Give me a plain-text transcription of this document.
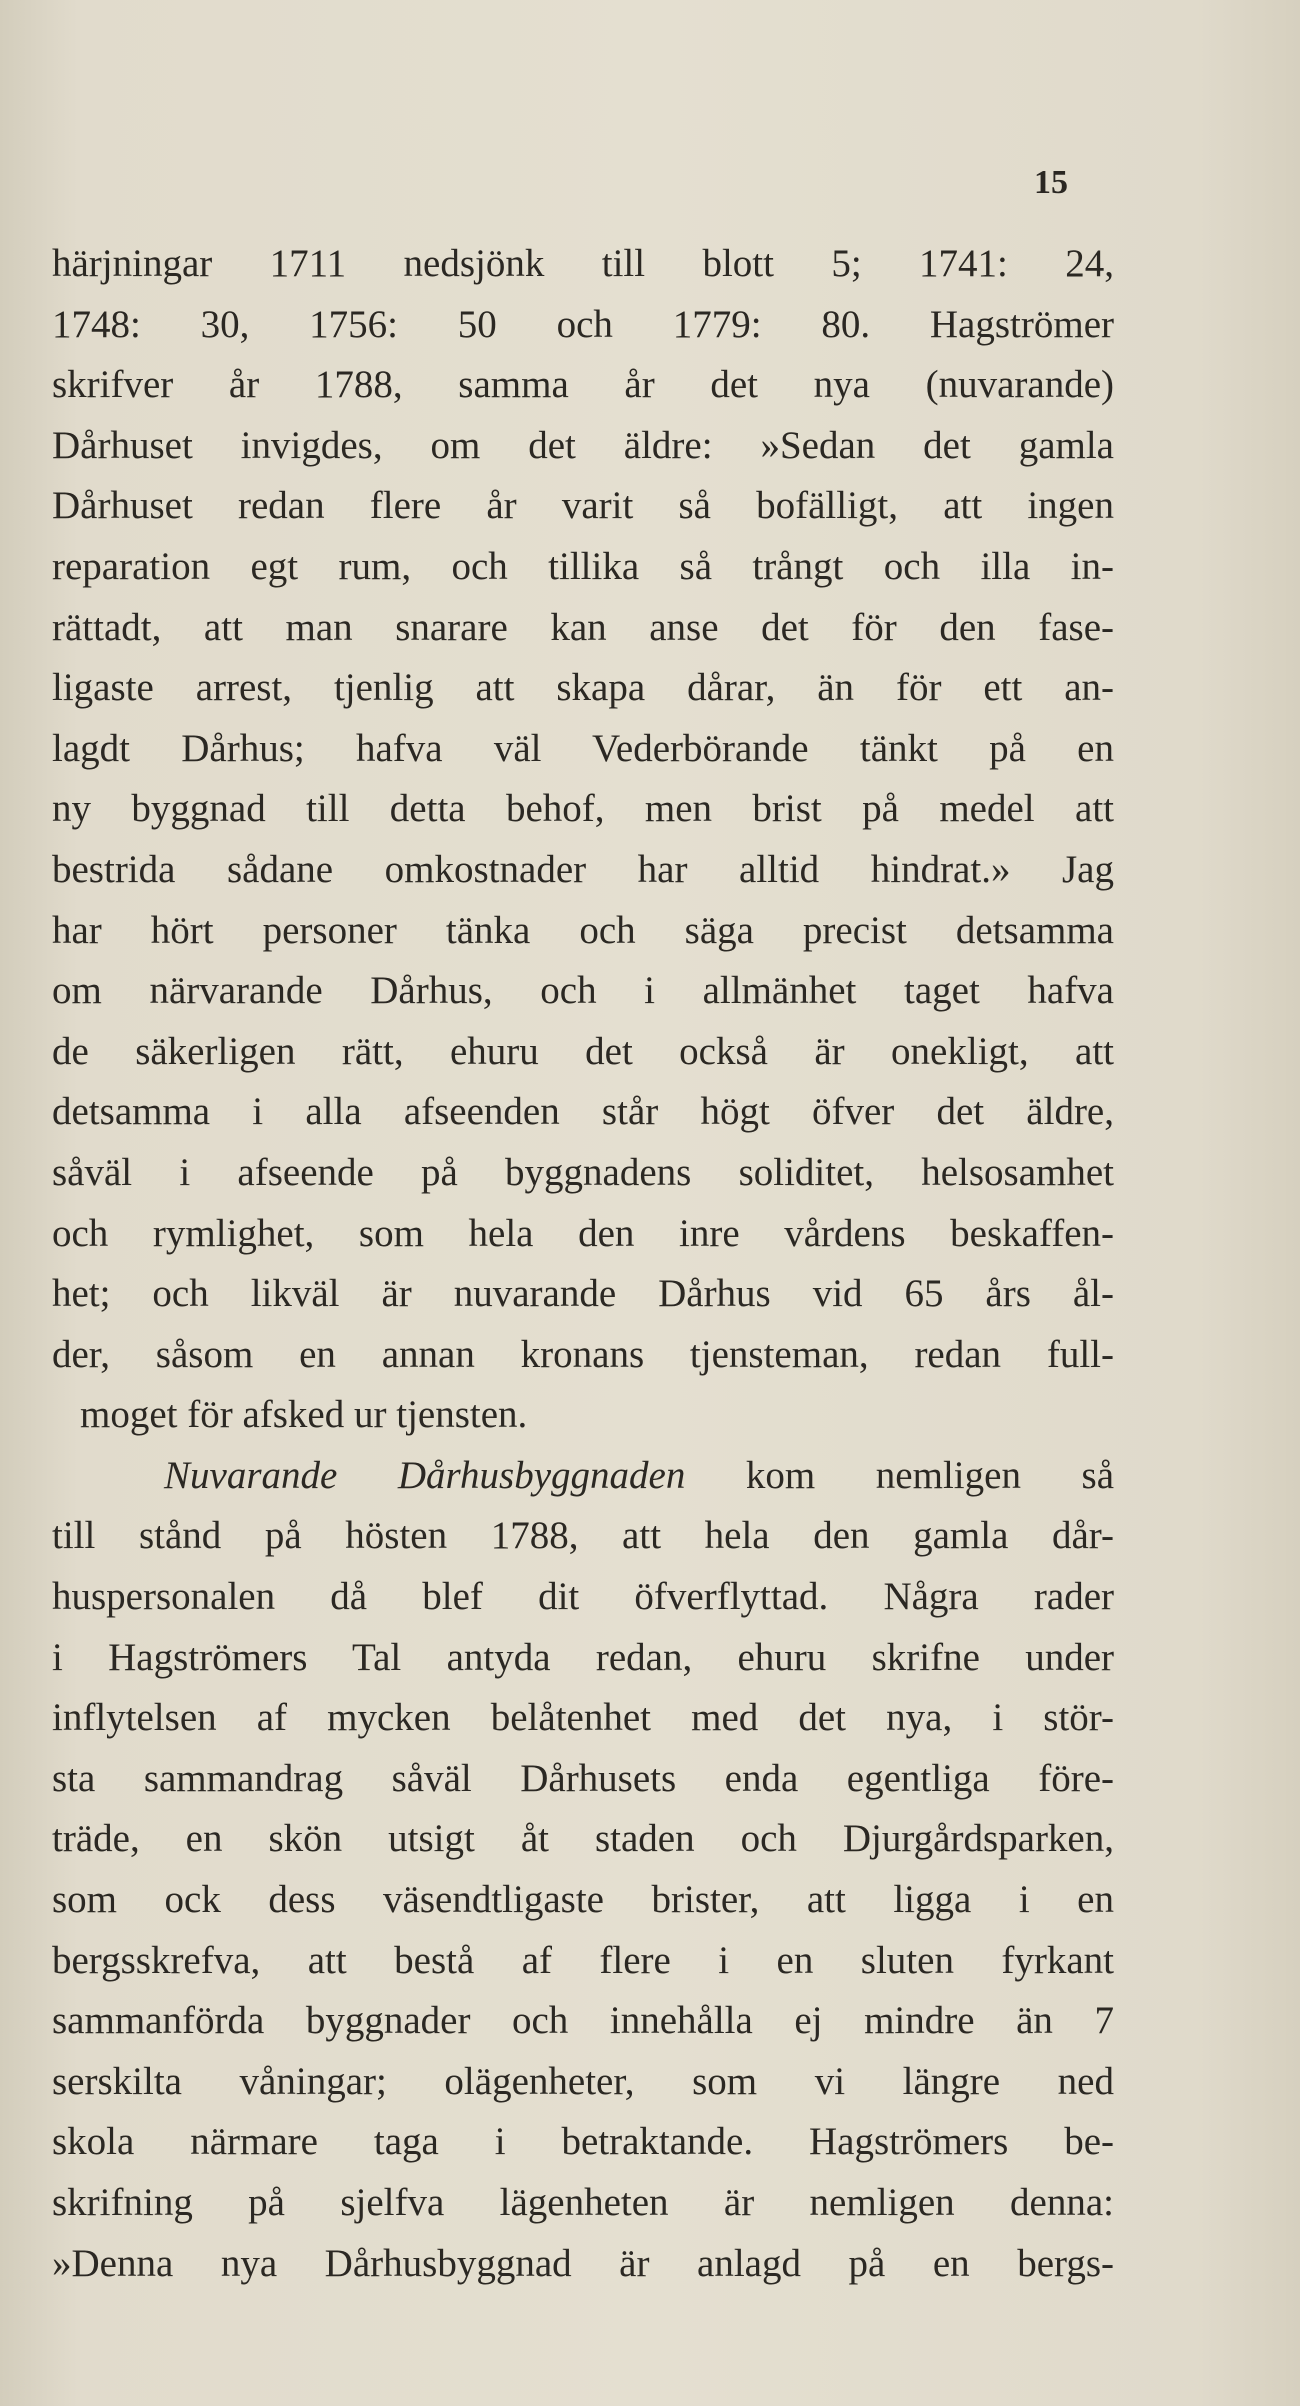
15

härjningar 1711 nedsjönk till blott 5; 1741: 24,
1748: 30, 1756: 50 och 1779: 80. Hagströmer
skrifver år 1788, samma år det nya (nuvarande)
Dårhuset invigdes, om det äldre: »Sedan det gamla
Dårhuset redan flere år varit så bofälligt, att ingen
reparation egt rum, och tillika så trångt och illa in-
rättadt, att man snarare kan anse det för den fase-
ligaste arrest, tjenlig att skapa dårar, än för ett an-
lagdt Dårhus; hafva väl Vederbörande tänkt på en
ny byggnad till detta behof, men brist på medel att
bestrida sådane omkostnader har alltid hindrat.» Jag
har hört personer tänka och säga precist detsamma
om närvarande Dårhus, och i allmänhet taget hafva
de säkerligen rätt, ehuru det också är onekligt, att
detsamma i alla afseenden står högt öfver det äldre,
såväl i afseende på byggnadens soliditet, helsosamhet
och rymlighet, som hela den inre vårdens beskaffen-
het; och likväl är nuvarande Dårhus vid 65 års ål-
der, såsom en annan kronans tjensteman, redan full-
moget för afsked ur tjensten.
Nuvarande Dårhusbyggnaden kom nemligen så
till stånd på hösten 1788, att hela den gamla dår-
huspersonalen då blef dit öfverflyttad. Några rader
i Hagströmers Tal antyda redan, ehuru skrifne under
inflytelsen af mycken belåtenhet med det nya, i stör-
sta sammandrag såväl Dårhusets enda egentliga före-
träde, en skön utsigt åt staden och Djurgårdsparken,
som ock dess väsendtligaste brister, att ligga i en
bergsskrefva, att bestå af flere i en sluten fyrkant
sammanförda byggnader och innehålla ej mindre än 7
serskilta våningar; olägenheter, som vi längre ned
skola närmare taga i betraktande. Hagströmers be-
skrifning på sjelfva lägenheten är nemligen denna:
»Denna nya Dårhusbyggnad är anlagd på en bergs-
